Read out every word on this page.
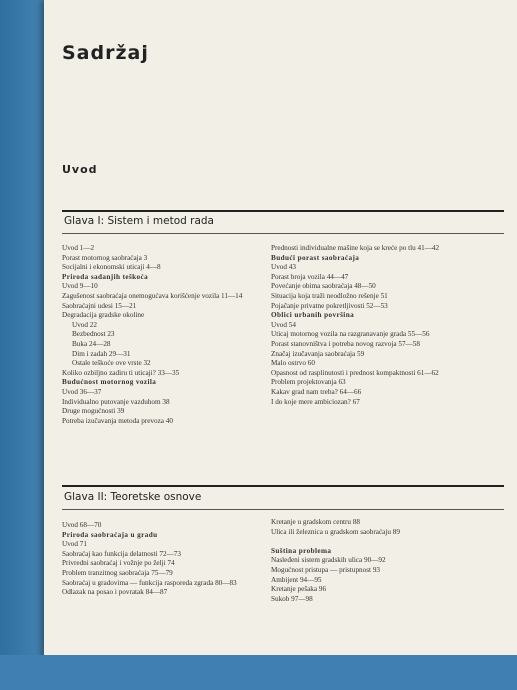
Sadržaj
Uvod
Glava I: Sistem i metod rada
Uvod 1—2
Porast motornog saobraćaja 3
Socijalni i ekonomski uticaji 4—8
Priroda sadanjih teškoća
Uvod 9—10
Zagušenost saobraćaja onemogućava korišćenje vozila 11—14
Saobraćajni udesi 15—21
Degradacija gradske okoline
Uvod 22
Bezbednost 23
Buka 24—28
Dim i zadah 29—31
Ostale teškoće ove vrste 32
Koliko ozbiljno zadiru ti uticaji? 33—35
Budućnost motornog vozila
Uvod 36—37
Individualno putovanje vazduhom 38
Druge mogućnosti 39
Potreba izučavanja metoda prevoza 40
Prednosti individualne mašine koja se kreće po tlu 41—42
Budući porast saobraćaja
Uvod 43
Porast broja vozila 44—47
Povećanje obima saobraćaja 48—50
Situacija koja traži neodložno rešenje 51
Pojačanje privatne pokretljivosti 52—53
Oblici urbanih površina
Uvod 54
Uticaj motornog vozila na razgranavanje grada 55—56
Porast stanovništva i potreba novog razvoja 57—58
Značaj izučavanja saobraćaja 59
Malo ostrvo 60
Opasnost od rasplinutosti i prednost kompaktnosti 61—62
Problem projektovanja 63
Kakav grad nam treba? 64—66
I do koje mere ambiciozan? 67
Glava II: Teoretske osnove
Uvod 68—70
Priroda saobraćaja u gradu
Uvod 71
Saobraćaj kao funkcija delatnosti 72—73
Privredni saobraćaj i vožnje po želji 74
Problem tranzitnog saobraćaja 75—79
Saobraćaj u gradovima — funkcija rasporeda zgrada 80—83
Odlazak na posao i povratak 84—87
Kretanje u gradskom centru 88
Ulica ili železnica u gradskom saobraćaju 89

Suština problema
Nasleđeni sistem gradskih ulica 90—92
Mogućnost pristupa — pristupnost 93
Ambijent 94—95
Kretanje pešaka 96
Sukob 97—98
